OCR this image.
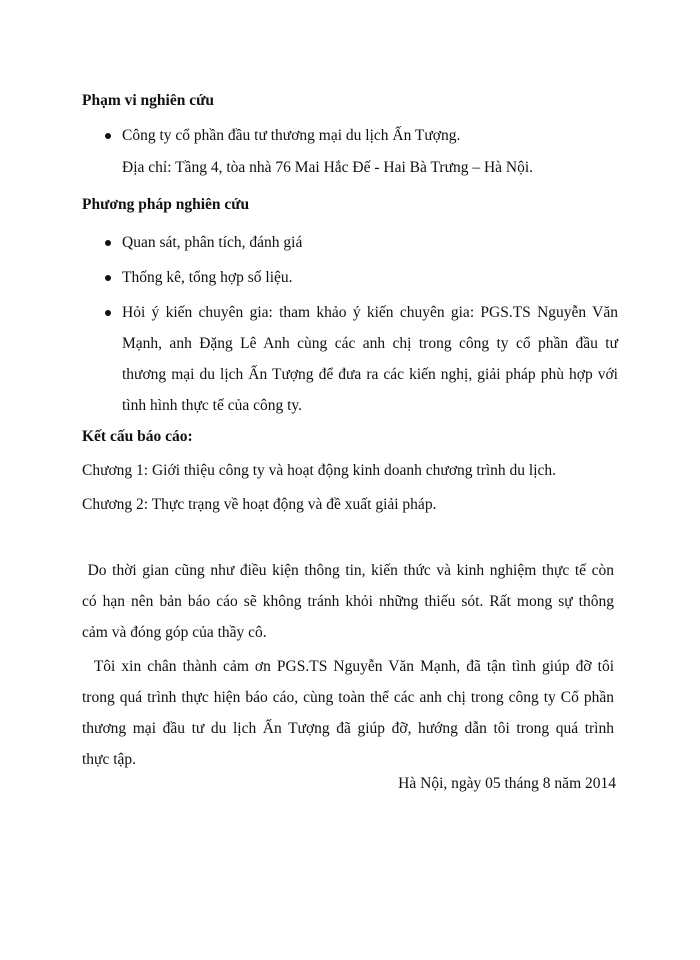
Phạm vi nghiên cứu
Công ty cổ phần đầu tư thương mại du lịch Ấn Tượng.
Địa chỉ: Tầng 4, tòa nhà 76 Mai Hắc Đế - Hai Bà Trưng – Hà Nội.
Phương pháp nghiên cứu
Quan sát, phân tích, đánh giá
Thống kê, tổng hợp số liệu.
Hỏi ý kiến chuyên gia: tham khảo ý kiến chuyên gia: PGS.TS Nguyễn Văn
Mạnh, anh Đặng Lê Anh cùng các anh chị trong công ty cổ phần đầu tư
thương mại du lịch Ấn Tượng để đưa ra các kiến nghị, giải pháp phù hợp với
tình hình thực tế của công ty.
Kết cấu báo cáo:
Chương 1: Giới thiệu công ty và hoạt động kinh doanh chương trình du lịch.
Chương 2: Thực trạng về hoạt động và đề xuất giải pháp.
Do thời gian cũng như điều kiện thông tin, kiến thức và kinh nghiệm thực tế còn
có hạn nên bản báo cáo sẽ không tránh khỏi những thiếu sót. Rất mong sự thông
cảm và đóng góp của thầy cô.
Tôi xin chân thành cảm ơn PGS.TS Nguyễn Văn Mạnh, đã tận tình giúp đỡ tôi
trong quá trình thực hiện báo cáo, cùng toàn thể các anh chị trong công ty Cổ phần
thương mại đầu tư du lịch Ấn Tượng đã giúp đỡ, hướng dẫn tôi trong quá trình
thực tập.
Hà Nội, ngày 05 tháng 8 năm 2014
